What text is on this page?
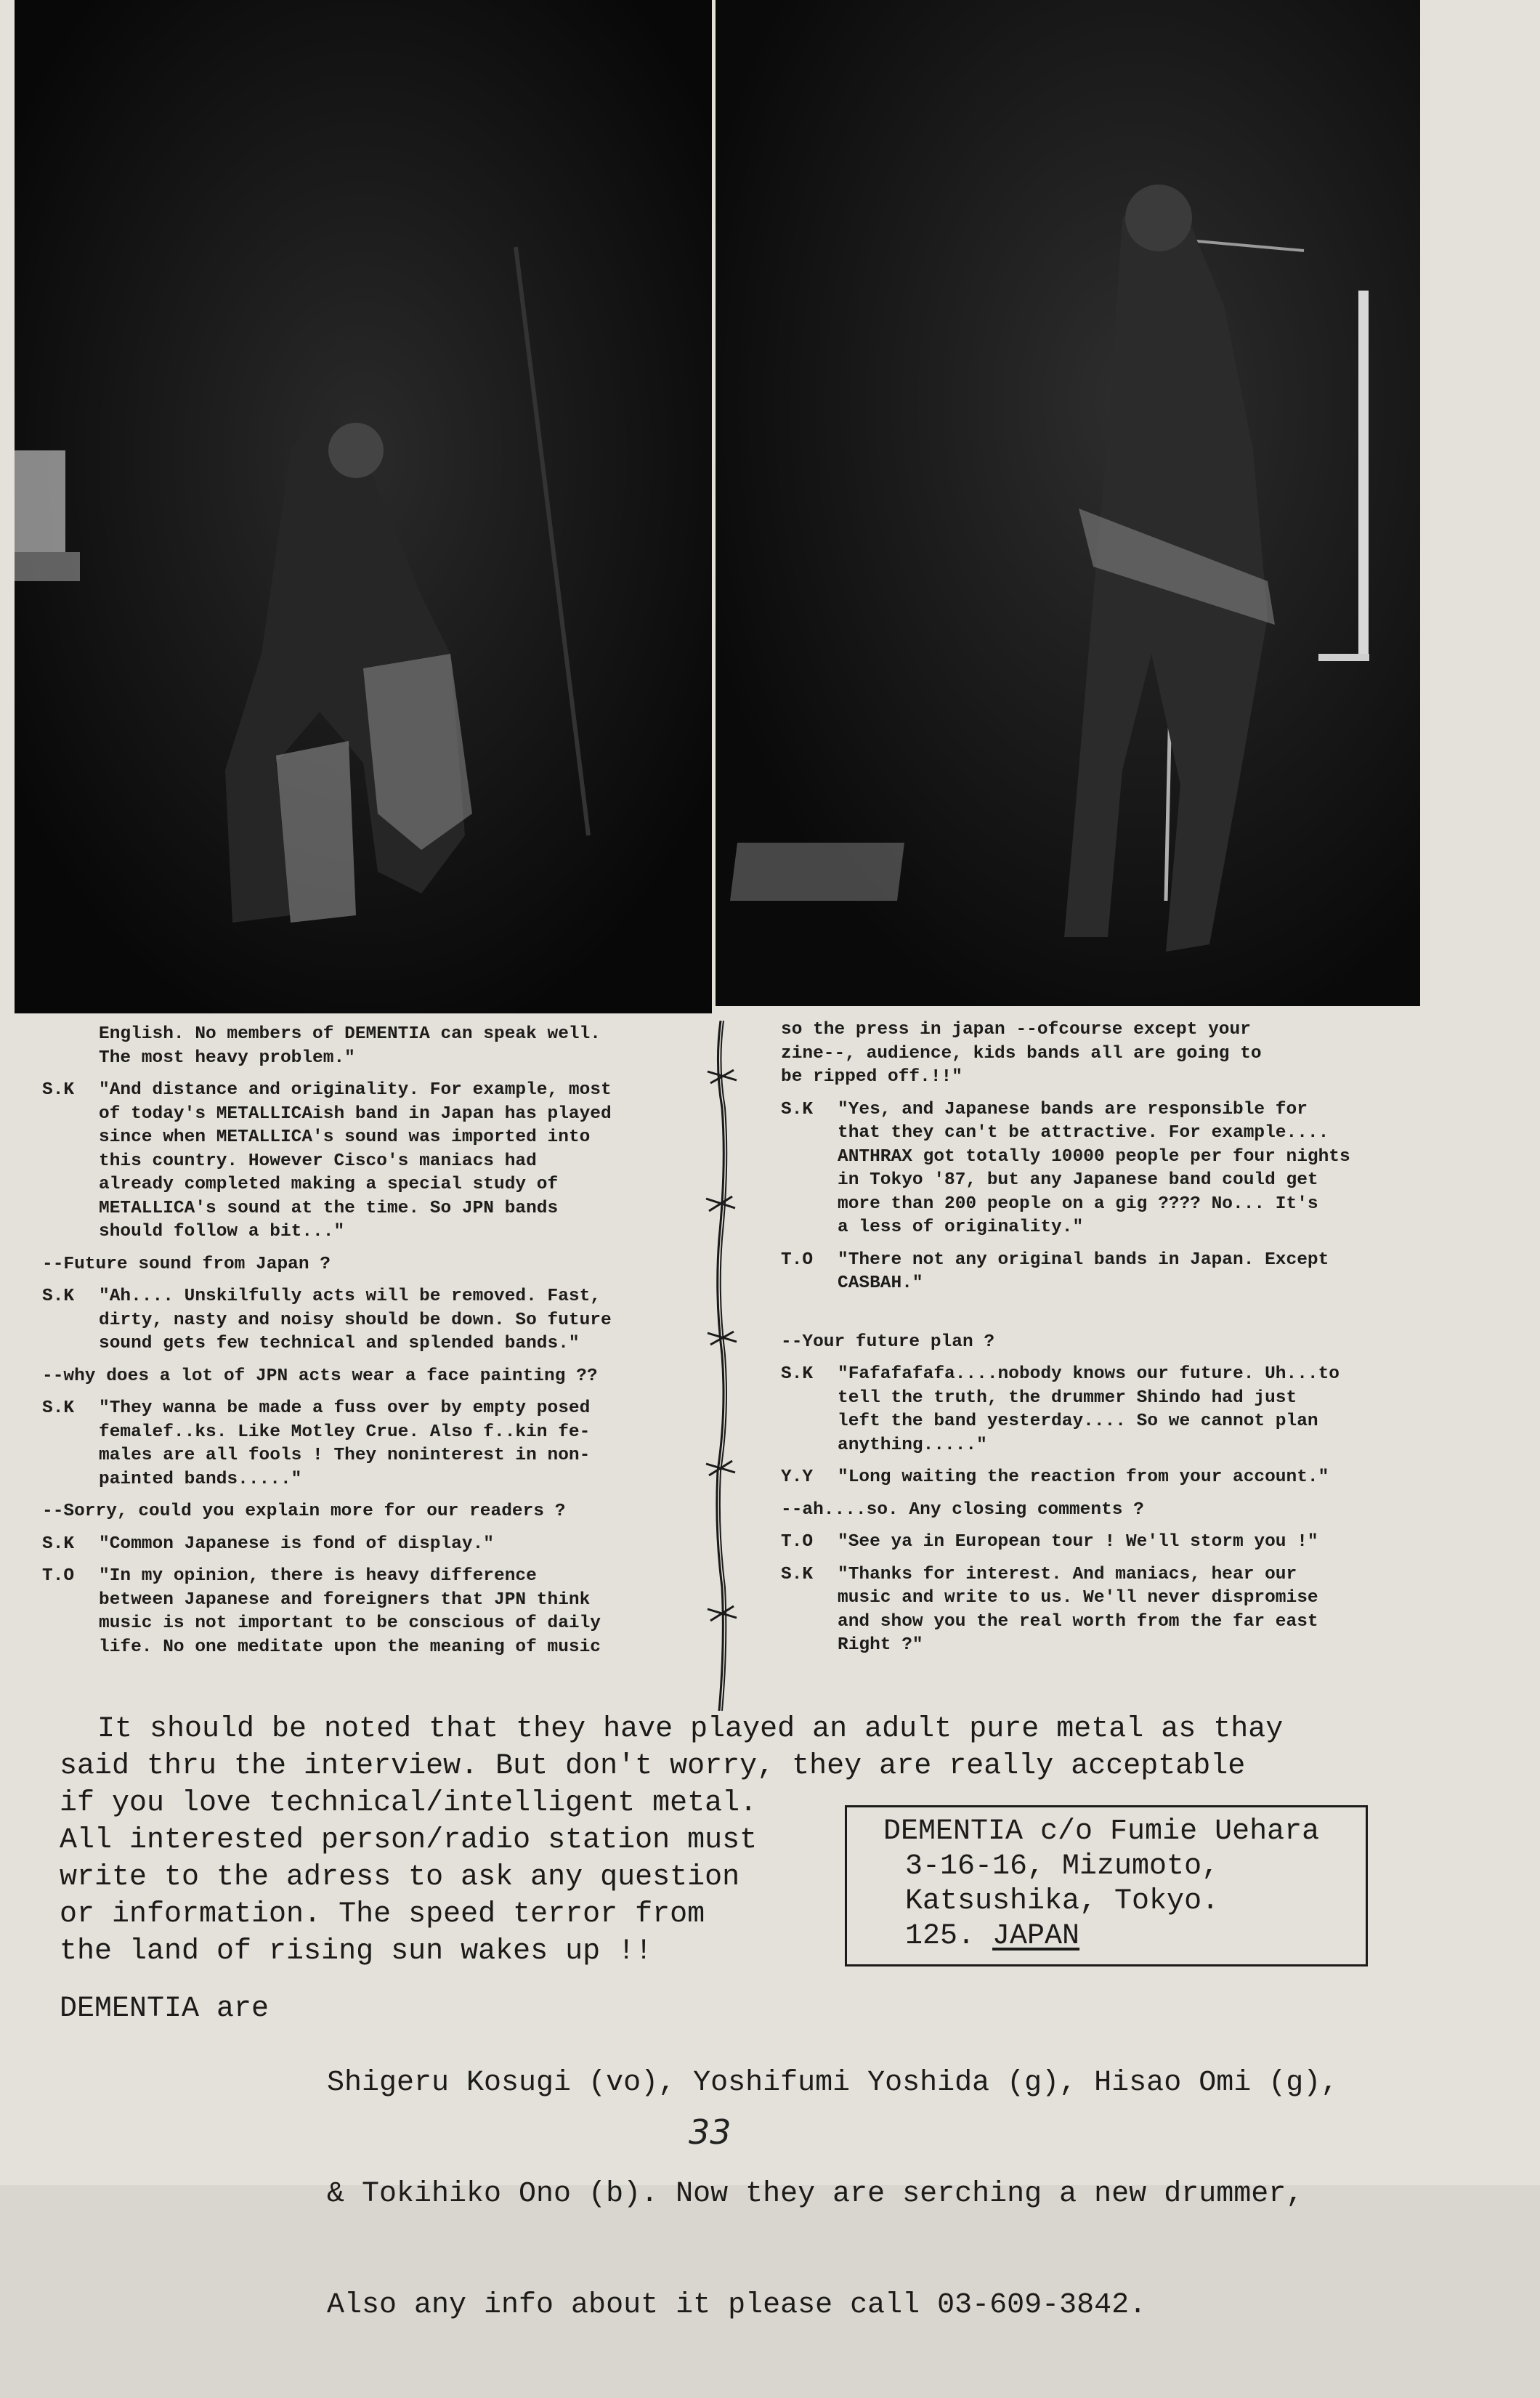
English. No members of DEMENTIA can speak well.
The most heavy problem."
S.K	"And distance and originality. For example, most
of today's METALLICAish band in Japan has played
since when METALLICA's sound was imported into
this country. However Cisco's maniacs had
already completed making a special study of
METALLICA's sound at the time. So JPN bands
should follow a bit..."
--Future sound from Japan ?
S.K	"Ah.... Unskilfully acts will be removed. Fast,
dirty, nasty and noisy should be down. So future
sound gets few technical and splended bands."
--why does a lot of JPN acts wear a face painting ??
S.K	"They wanna be made a fuss over by empty posed
femalef..ks. Like Motley Crue. Also f..kin fe-
males are all fools ! They noninterest in non-
painted bands....."
--Sorry, could you explain more for our readers ?
S.K	"Common Japanese is fond of display."
T.O	"In my opinion, there is heavy difference
between Japanese and foreigners that JPN think
music is not important to be conscious of daily
life. No one meditate upon the meaning of music
so the press in japan --ofcourse except your
zine--, audience, kids bands all are going to
be ripped off.!!"
S.K	"Yes, and Japanese bands are responsible for
that they can't be attractive. For example....
ANTHRAX got totally 10000 people per four nights
in Tokyo '87, but any Japanese band could get
more than 200 people on a gig ???? No... It's
a less of originality."
T.O	"There not any original bands in Japan. Except
CASBAH."
--Your future plan ?
S.K	"Fafafafafa....nobody knows our future. Uh...to
tell the truth, the drummer Shindo had just
left the band yesterday.... So we cannot plan
anything....."
Y.Y	"Long waiting the reaction from your account."
--ah....so. Any closing comments ?
T.O	"See ya in European tour ! We'll storm you !"
S.K	"Thanks for interest. And maniacs, hear our
music and write to us. We'll never dispromise
and show you the real worth from the far east
Right ?"
It should be noted that they have played an adult pure metal as thay
said thru the interview. But don't worry, they are really acceptable
if you love technical/intelligent metal.
All interested person/radio station must
write to the adress to ask any question
or information. The speed terror from
the land of rising sun wakes up !!
DEMENTIA c/o Fumie Uehara
3-16-16, Mizumoto,
Katsushika, Tokyo.
125. JAPAN
DEMENTIA are

Shigeru Kosugi (vo), Yoshifumi Yoshida (g), Hisao Omi (g),

& Tokihiko Ono (b). Now they are serching a new drummer,

Also any info about it please call 03-609-3842.

33
